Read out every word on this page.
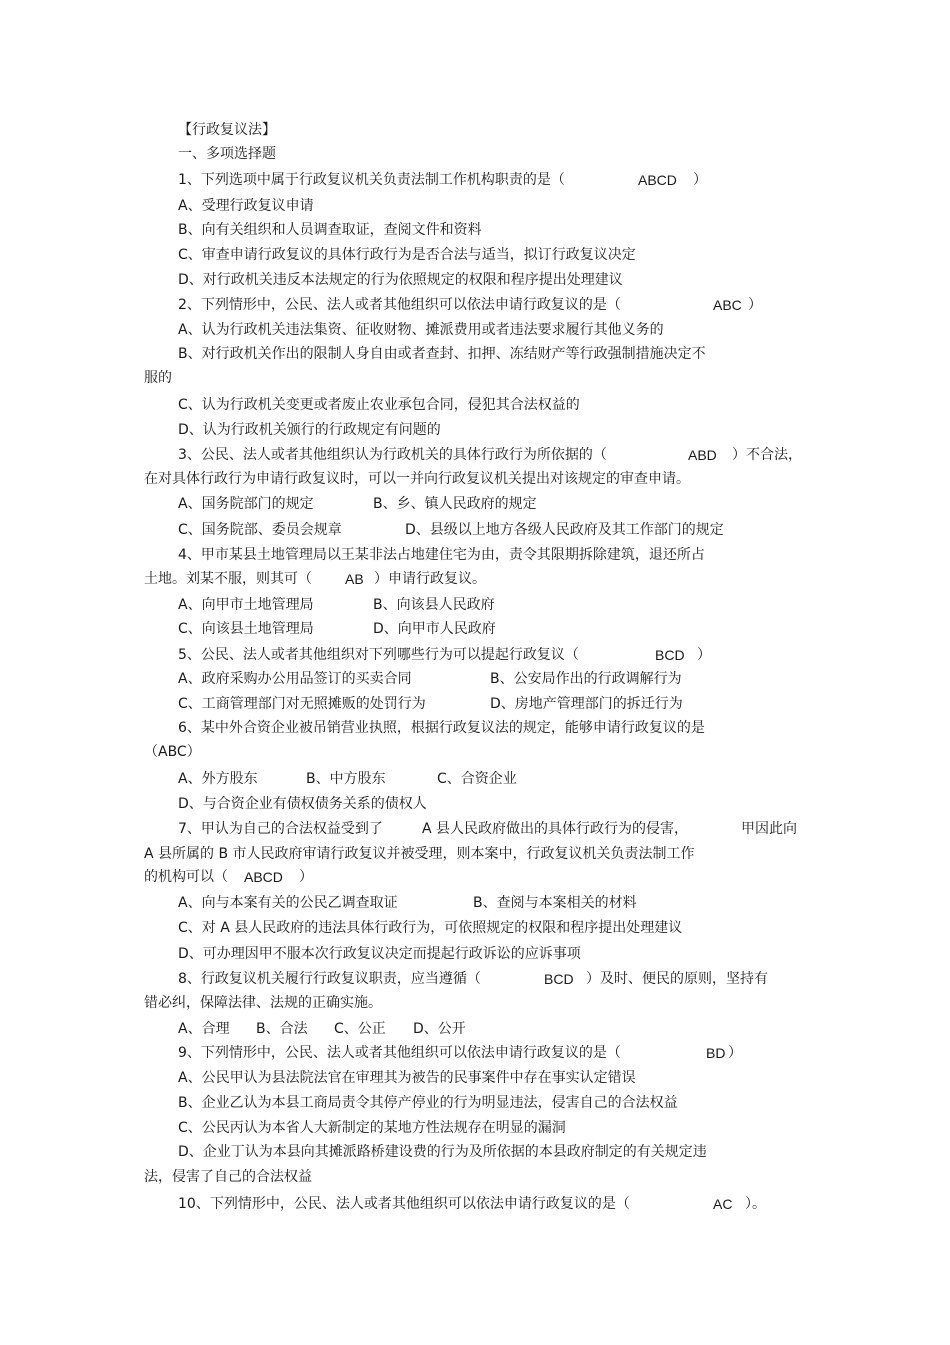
【行政复议法】
一、多项选择题
1、下列选项中属于行政复议机关负责法制工作机构职责的是（	ABCD ）
A、受理行政复议申请
B、向有关组织和人员调查取证，查阅文件和资料
C、审查申请行政复议的具体行政行为是否合法与适当，拟订行政复议决定
D、对行政机关违反本法规定的行为依照规定的权限和程序提出处理建议
2、下列情形中，公民、法人或者其他组织可以依法申请行政复议的是（	ABC ）
A、认为行政机关违法集资、征收财物、摊派费用或者违法要求履行其他义务的
B、对行政机关作出的限制人身自由或者查封、扣押、冻结财产等行政强制措施决定不
服的
C、认为行政机关变更或者废止农业承包合同，侵犯其合法权益的
D、认为行政机关颁行的行政规定有问题的
3、公民、法人或者其他组织认为行政机关的具体行政行为所依据的（	ABD ）不合法，
在对具体行政行为申请行政复议时，可以一并向行政复议机关提出对该规定的审查申请。
A、国务院部门的规定	B、乡、镇人民政府的规定
C、国务院部、委员会规章	D、县级以上地方各级人民政府及其工作部门的规定
4、甲市某县土地管理局以王某非法占地建住宅为由，责令其限期拆除建筑，退还所占
土地。刘某不服，则其可（ AB ）申请行政复议。
A、向甲市土地管理局	B、向该县人民政府
C、向该县土地管理局	D、向甲市人民政府
5、公民、法人或者其他组织对下列哪些行为可以提起行政复议（	BCD ）
A、政府采购办公用品签订的买卖合同	B、公安局作出的行政调解行为
C、工商管理部门对无照摊贩的处罚行为	D、房地产管理部门的拆迁行为
6、某中外合资企业被吊销营业执照，根据行政复议法的规定，能够申请行政复议的是
（ABC）
A、外方股东	B、中方股东	C、合资企业
D、与合资企业有债权债务关系的债权人
7、甲认为自己的合法权益受到了	A 县人民政府做出的具体行政行为的侵害，	甲因此向
A 县所属的 B 市人民政府审请行政复议并被受理，则本案中，行政复议机关负责法制工作
的机构可以（ ABCD ）
A、向与本案有关的公民乙调查取证	B、查阅与本案相关的材料
C、对 A 县人民政府的违法具体行政行为，可依照规定的权限和程序提出处理建议
D、可办理因甲不服本次行政复议决定而提起行政诉讼的应诉事项
8、行政复议机关履行行政复议职责，应当遵循（	BCD ）及时、便民的原则，坚持有
错必纠，保障法律、法规的正确实施。
A、合理 B、合法 C、公正 D、公开
9、下列情形中，公民、法人或者其他组织可以依法申请行政复议的是（	BD ）
A、公民甲认为县法院法官在审理其为被告的民事案件中存在事实认定错误
B、企业乙认为本县工商局责令其停产停业的行为明显违法，侵害自己的合法权益
C、公民丙认为本省人大新制定的某地方性法规存在明显的漏洞
D、企业丁认为本县向其摊派路桥建设费的行为及所依据的本县政府制定的有关规定违
法，侵害了自己的合法权益
10、下列情形中，公民、法人或者其他组织可以依法申请行政复议的是（	AC ）。
